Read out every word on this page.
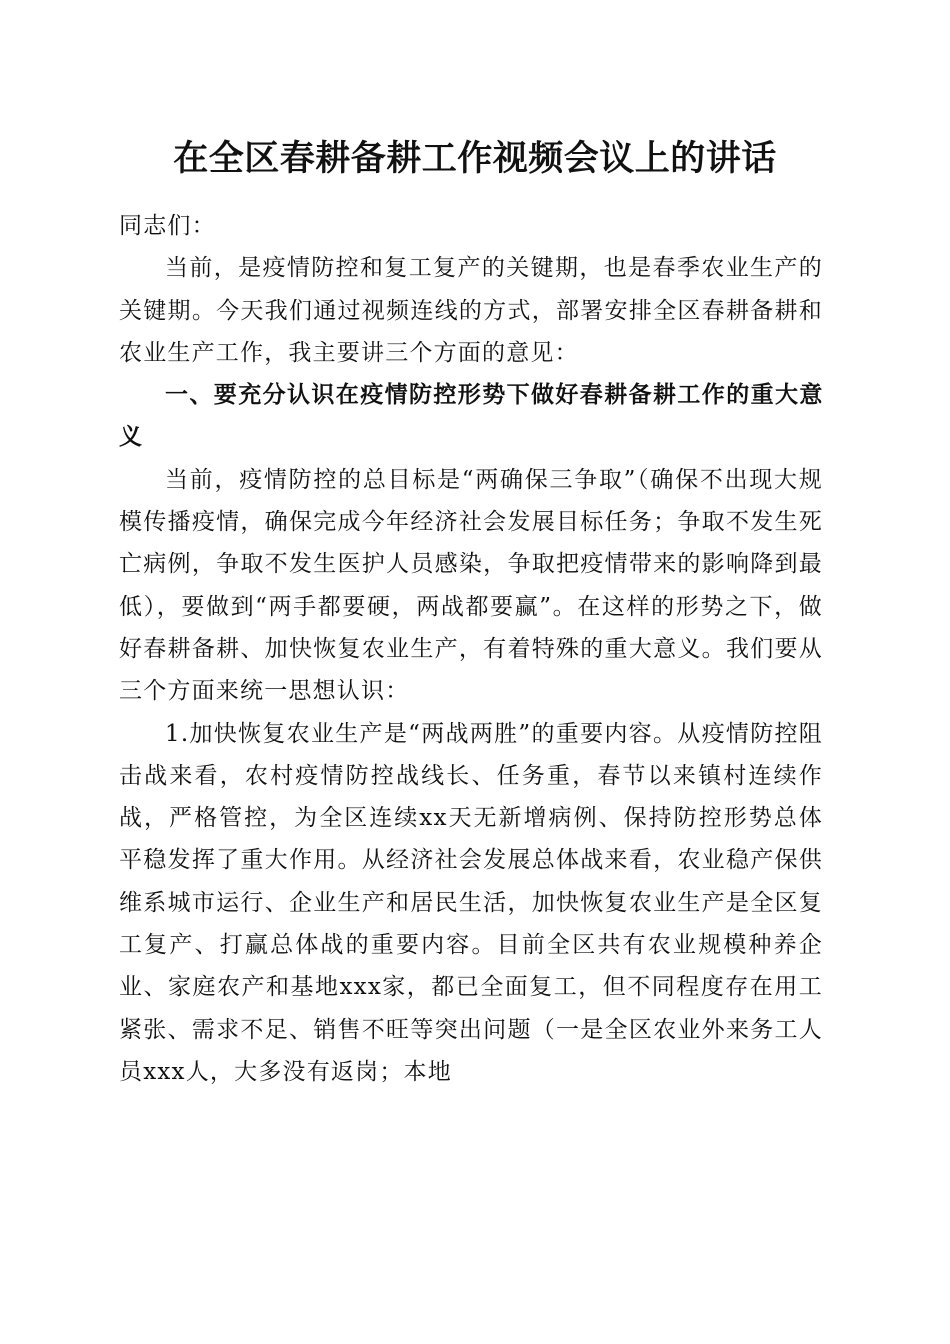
在全区春耕备耕工作视频会议上的讲话

同志们：

当前，是疫情防控和复工复产的关键期，也是春季农业生产的关键期。今天我们通过视频连线的方式，部署安排全区春耕备耕和农业生产工作，我主要讲三个方面的意见：

一、要充分认识在疫情防控形势下做好春耕备耕工作的重大意义

当前，疫情防控的总目标是“两确保三争取”（确保不出现大规模传播疫情，确保完成今年经济社会发展目标任务；争取不发生死亡病例，争取不发生医护人员感染，争取把疫情带来的影响降到最低），要做到“两手都要硬，两战都要赢”。在这样的形势之下，做好春耕备耕、加快恢复农业生产，有着特殊的重大意义。我们要从三个方面来统一思想认识：

1.加快恢复农业生产是“两战两胜”的重要内容。从疫情防控阻击战来看，农村疫情防控战线长、任务重，春节以来镇村连续作战，严格管控，为全区连续xx天无新增病例、保持防控形势总体平稳发挥了重大作用。从经济社会发展总体战来看，农业稳产保供维系城市运行、企业生产和居民生活，加快恢复农业生产是全区复工复产、打赢总体战的重要内容。目前全区共有农业规模种养企业、家庭农产和基地xxx家，都已全面复工，但不同程度存在用工紧张、需求不足、销售不旺等突出问题（一是全区农业外来务工人员xxx人，大多没有返岗；本地
